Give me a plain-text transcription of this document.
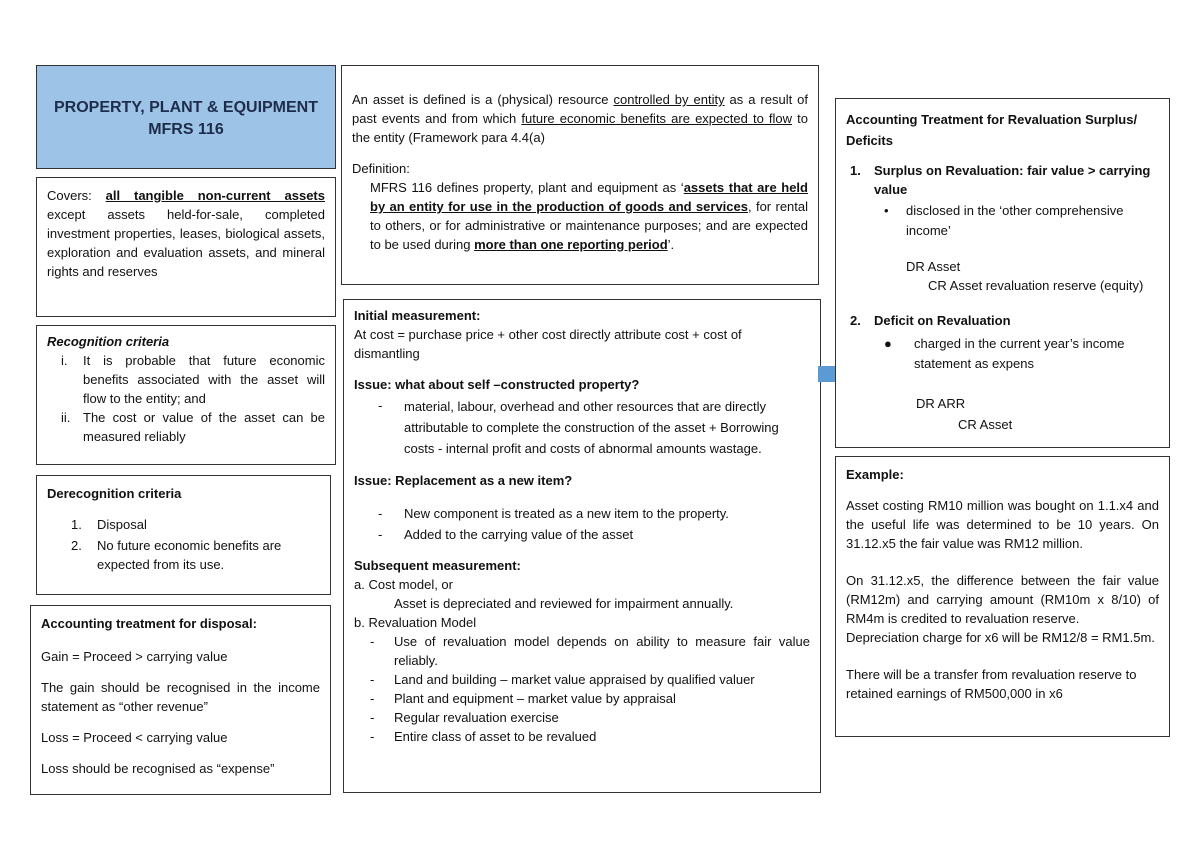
PROPERTY, PLANT & EQUIPMENT
MFRS 116
Covers: all tangible non-current assets except assets held-for-sale, completed investment properties, leases, biological assets, exploration and evaluation assets, and mineral rights and reserves

Recognition criteria

i.	It is probable that future economic benefits associated with the asset will flow to the entity; and
ii. The cost or value of the asset can be measured reliably

Derecognition criteria

1.	Disposal
2.	No future economic benefits are expected from its use.

Accounting treatment for disposal:

Gain = Proceed > carrying value

The gain should be recognised in the income statement as “other revenue”

Loss = Proceed < carrying value

Loss should be recognised as “expense”

An asset is defined is a (physical) resource controlled by entity as a result of past events and from which future economic benefits are expected to flow to the entity (Framework para 4.4(a)

Definition:

MFRS 116 defines property, plant and equipment as ‘assets that are held by an entity for use in the production of goods and services, for rental to others, or for administrative or maintenance purposes; and are expected to be used during more than one reporting period’.

Initial measurement:

At cost = purchase price + other cost directly attribute cost + cost of dismantling

Issue: what about self –constructed property?

-	material, labour, overhead and other resources that are directly attributable to complete the construction of the asset + Borrowing costs - internal profit and costs of abnormal amounts wastage.

Issue: Replacement as a new item?

-	New component is treated as a new item to the property.
-	Added to the carrying value of the asset

Subsequent measurement:

a. Cost model, or

Asset is depreciated and reviewed for impairment annually.

b. Revaluation Model

-	Use of revaluation model depends on ability to measure fair value reliably.
-	Land and building – market value appraised by qualified valuer
-	Plant and equipment – market value by appraisal
-	Regular revaluation exercise
-	Entire class of asset to be revalued

Accounting Treatment for Revaluation Surplus/ Deficits

1.	Surplus on Revaluation: fair value > carrying value
•	disclosed in the ‘other comprehensive income’

DR Asset

CR Asset revaluation reserve (equity)

2.	Deficit on Revaluation
●	charged in the current year’s income statement as expens

DR ARR

CR Asset

Example:

Asset costing RM10 million was bought on 1.1.x4 and the useful life was determined to be 10 years. On 31.12.x5 the fair value was RM12 million.

On 31.12.x5, the difference between the fair value (RM12m) and carrying amount (RM10m x 8/10) of RM4m is credited to revaluation reserve.

Depreciation charge for x6 will be RM12/8 = RM1.5m.

There will be a transfer from revaluation reserve to

retained earnings of RM500,000 in x6
